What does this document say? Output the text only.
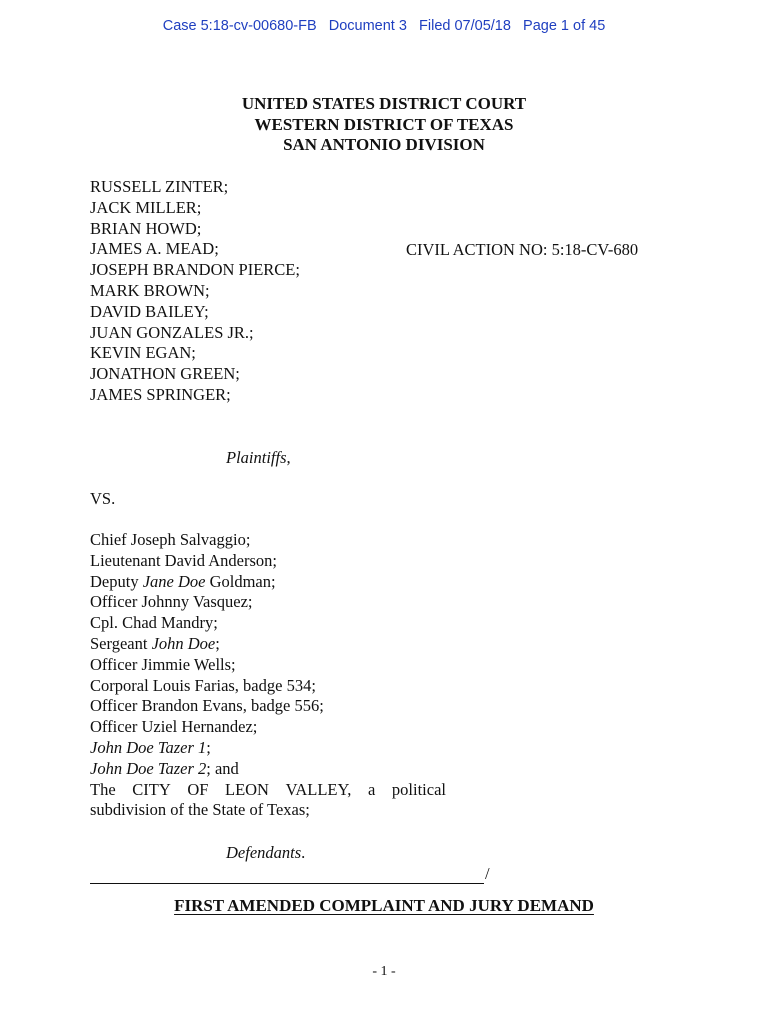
Case 5:18-cv-00680-FB Document 3 Filed 07/05/18 Page 1 of 45
UNITED STATES DISTRICT COURT
WESTERN DISTRICT OF TEXAS
SAN ANTONIO DIVISION
RUSSELL ZINTER;
JACK MILLER;
BRIAN HOWD;
JAMES A. MEAD;
JOSEPH BRANDON PIERCE;
MARK BROWN;
DAVID BAILEY;
JUAN GONZALES JR.;
KEVIN EGAN;
JONATHON GREEN;
JAMES SPRINGER;
CIVIL ACTION NO: 5:18-CV-680
Plaintiffs,
VS.
Chief Joseph Salvaggio;
Lieutenant David Anderson;
Deputy Jane Doe Goldman;
Officer Johnny Vasquez;
Cpl. Chad Mandry;
Sergeant John Doe;
Officer Jimmie Wells;
Corporal Louis Farias, badge 534;
Officer Brandon Evans, badge 556;
Officer Uziel Hernandez;
John Doe Tazer 1;
John Doe Tazer 2; and
The CITY OF LEON VALLEY, a political
subdivision of the State of Texas;
Defendants.
/
FIRST AMENDED COMPLAINT AND JURY DEMAND
- 1 -
